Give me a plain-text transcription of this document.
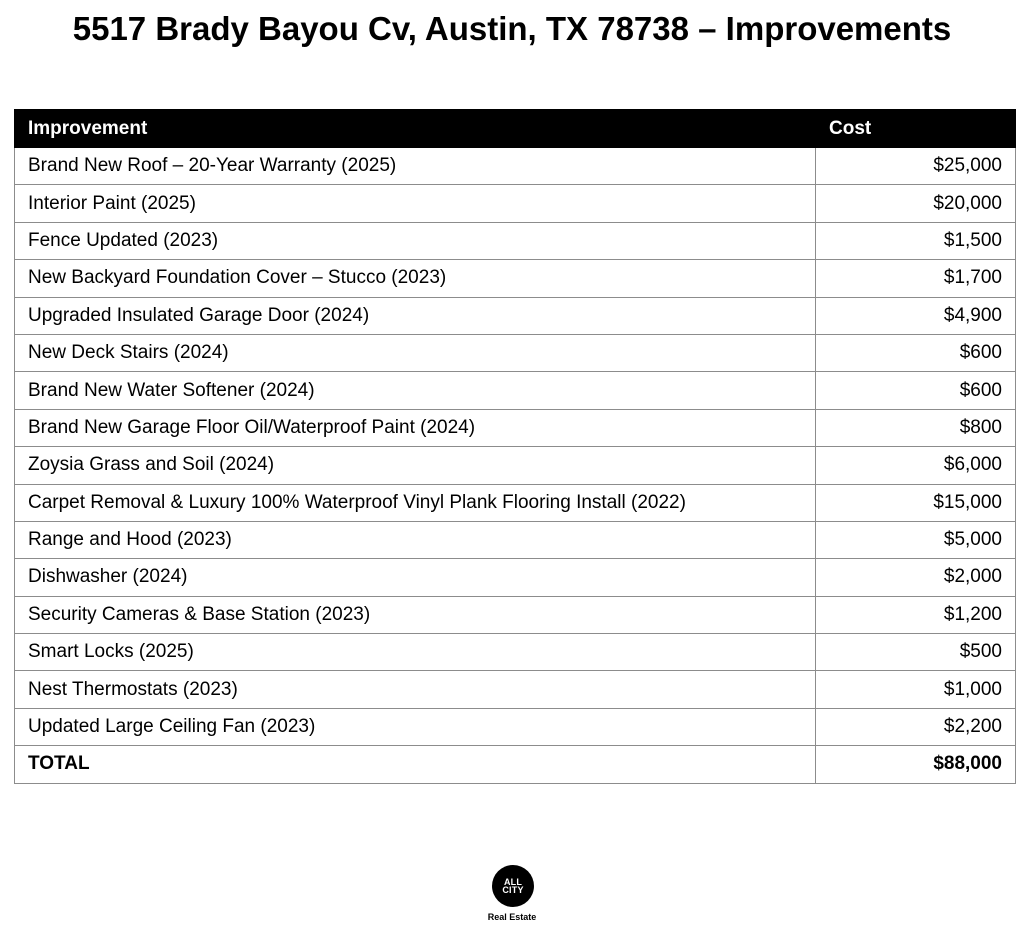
5517 Brady Bayou Cv, Austin, TX 78738 – Improvements
Improvement	Cost
Brand New Roof – 20-Year Warranty (2025)	$25,000
Interior Paint (2025)	$20,000
Fence Updated (2023)	$1,500
New Backyard Foundation Cover – Stucco (2023)	$1,700
Upgraded Insulated Garage Door (2024)	$4,900
New Deck Stairs (2024)	$600
Brand New Water Softener (2024)	$600
Brand New Garage Floor Oil/Waterproof Paint (2024)	$800
Zoysia Grass and Soil (2024)	$6,000
Carpet Removal & Luxury 100% Waterproof Vinyl Plank Flooring Install (2022)	$15,000
Range and Hood (2023)	$5,000
Dishwasher (2024)	$2,000
Security Cameras & Base Station (2023)	$1,200
Smart Locks (2025)	$500
Nest Thermostats (2023)	$1,000
Updated Large Ceiling Fan (2023)	$2,200
TOTAL	$88,000
ALL
CITY
Real Estate
